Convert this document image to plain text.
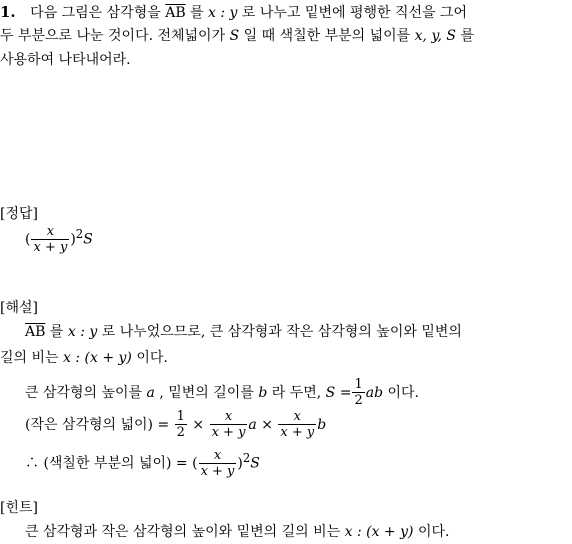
1. 다음 그림은 삼각형을 $\overline{AB}$ 를 x : y 로 나누고 밑변에 평행한 직선을 그어
두 부분으로 나눈 것이다. 전체넓이가 S 일 때 색칠한 부분의 넓이를 x, y, S 를
사용하여 나타내어라.
[정답]
( $\frac{x}{x + y} )^2S$
[해설]
$\overline{AB}$ 를 x : y 로 나누었으므로, 큰 삼각형과 작은 삼각형의 높이와 밑변의
길의 비는 x : (x + y) 이다.
큰 삼각형의 높이를 a , 밑변의 길이를 b 라 두면, $S = \frac{1}{2}$ ab 이다.
(작은 삼각형의 넓이) = $\frac{1}{2} \times \frac{x}{x + y}$ $a \times \frac{x}{x + y}$ b
∴ (색칠한 부분의 넓이) = ( $\frac{x}{x + y} )^2S$
[힌트]
큰 삼각형과 작은 삼각형의 높이와 밑변의 길의 비는 x : (x + y) 이다.
